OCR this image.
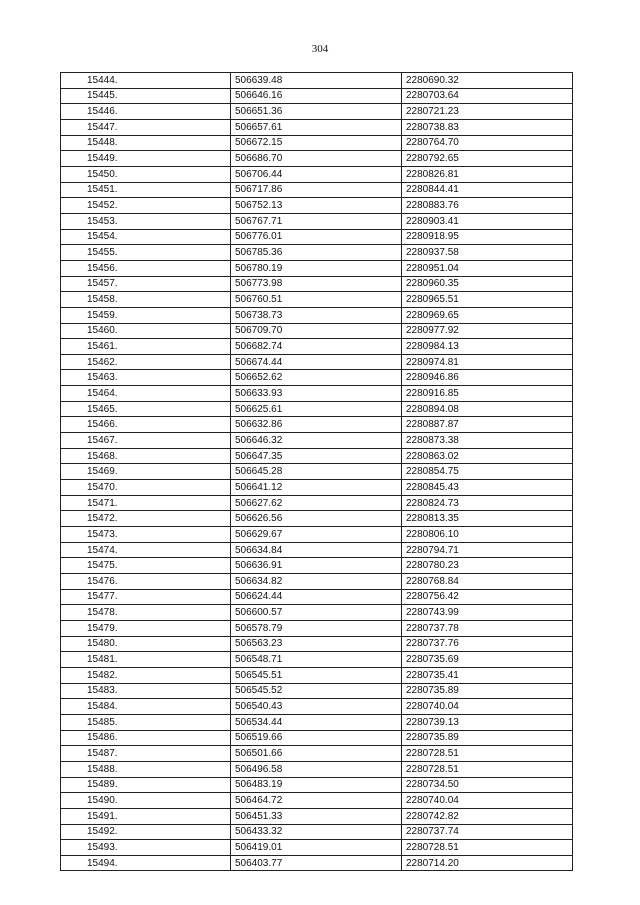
304
15444.	506639.48	2280690.32
15445.	506646.16	2280703.64
15446.	506651.36	2280721.23
15447.	506657.61	2280738.83
15448.	506672.15	2280764.70
15449.	506686.70	2280792.65
15450.	506706.44	2280826.81
15451.	506717.86	2280844.41
15452.	506752.13	2280883.76
15453.	506767.71	2280903.41
15454.	506776.01	2280918.95
15455.	506785.36	2280937.58
15456.	506780.19	2280951.04
15457.	506773.98	2280960.35
15458.	506760.51	2280965.51
15459.	506738.73	2280969.65
15460.	506709.70	2280977.92
15461.	506682.74	2280984.13
15462.	506674.44	2280974.81
15463.	506652.62	2280946.86
15464.	506633.93	2280916.85
15465.	506625.61	2280894.08
15466.	506632.86	2280887.87
15467.	506646.32	2280873.38
15468.	506647.35	2280863.02
15469.	506645.28	2280854.75
15470.	506641.12	2280845.43
15471.	506627.62	2280824.73
15472.	506626.56	2280813.35
15473.	506629.67	2280806.10
15474.	506634.84	2280794.71
15475.	506636.91	2280780.23
15476.	506634.82	2280768.84
15477.	506624.44	2280756.42
15478.	506600.57	2280743.99
15479.	506578.79	2280737.78
15480.	506563.23	2280737.76
15481.	506548.71	2280735.69
15482.	506545.51	2280735.41
15483.	506545.52	2280735.89
15484.	506540.43	2280740.04
15485.	506534.44	2280739.13
15486.	506519.66	2280735.89
15487.	506501.66	2280728.51
15488.	506496.58	2280728.51
15489.	506483.19	2280734.50
15490.	506464.72	2280740.04
15491.	506451.33	2280742.82
15492.	506433.32	2280737.74
15493.	506419.01	2280728.51
15494.	506403.77	2280714.20
